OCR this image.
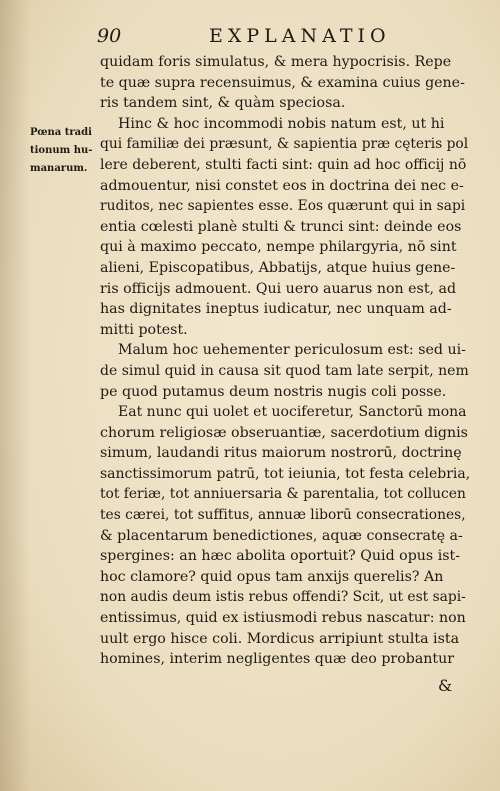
90	EXPLANATIO
Pœna tradi
tionum hu-
manarum.
quidam foris simulatus, & mera hypocrisis. Repe
te quæ supra recensuimus, & examina cuius gene-
ris tandem sint, & quàm speciosa.
Hinc & hoc incommodi nobis natum est, ut hi
qui familiæ dei præsunt, & sapientia præ cęteris pol
lere deberent, stulti facti sint: quin ad hoc officij nō
admouentur, nisi constet eos in doctrina dei nec e-
ruditos, nec sapientes esse. Eos quærunt qui in sapi
entia cœlesti planè stulti & trunci sint: deinde eos
qui à maximo peccato, nempe philargyria, nō sint
alieni, Episcopatibus, Abbatijs, atque huius gene-
ris officijs admouent. Qui uero auarus non est, ad
has dignitates ineptus iudicatur, nec unquam ad-
mitti potest.
Malum hoc uehementer periculosum est: sed ui-
de simul quid in causa sit quod tam late serpit, nem
pe quod putamus deum nostris nugis coli posse.
Eat nunc qui uolet et uociferetur, Sanctorū mona
chorum religiosæ obseruantiæ, sacerdotium dignis
simum, laudandi ritus maiorum nostrorū, doctrinę
sanctissimorum patrū, tot ieiunia, tot festa celebria,
tot feriæ, tot anniuersaria & parentalia, tot collucen
tes cærei, tot suffitus, annuæ liborū consecrationes,
& placentarum benedictiones, aquæ consecratę a-
spergines: an hæc abolita oportuit? Quid opus ist-
hoc clamore? quid opus tam anxijs querelis? An
non audis deum istis rebus offendi? Scit, ut est sapi-
entissimus, quid ex istiusmodi rebus nascatur: non
uult ergo hisce coli. Mordicus arripiunt stulta ista
homines, interim negligentes quæ deo probantur
&
